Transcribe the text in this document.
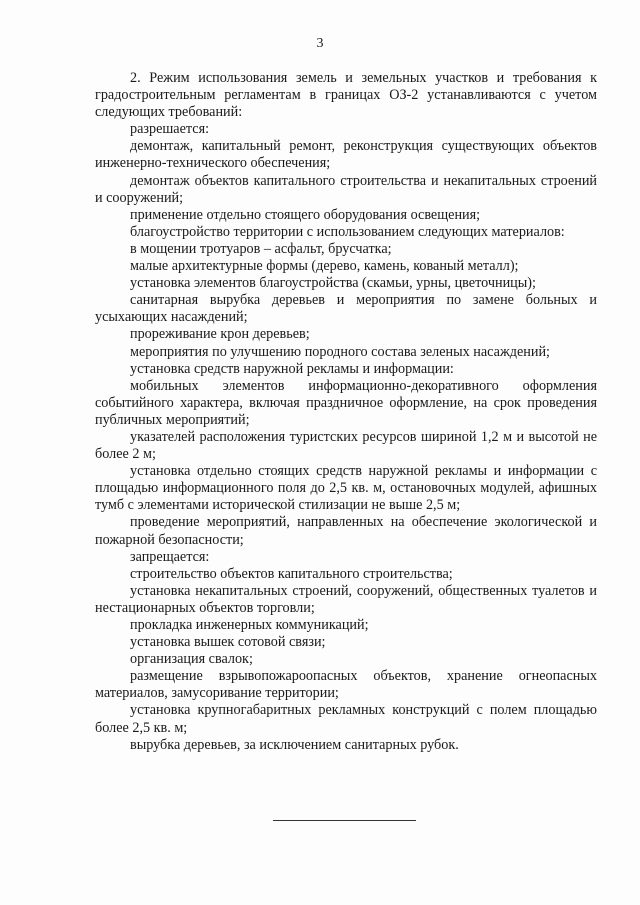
3

2. Режим использования земель и земельных участков и требования к градостроительным регламентам в границах ОЗ-2 устанавливаются с учетом следующих требований:

разрешается:

демонтаж, капитальный ремонт, реконструкция существующих объектов инженерно-технического обеспечения;

демонтаж объектов капитального строительства и некапитальных строений и сооружений;

применение отдельно стоящего оборудования освещения;

благоустройство территории с использованием следующих материалов:

в мощении тротуаров – асфальт, брусчатка;

малые архитектурные формы (дерево, камень, кованый металл);

установка элементов благоустройства (скамьи, урны, цветочницы);

санитарная вырубка деревьев и мероприятия по замене больных и усыхающих насаждений;

прореживание крон деревьев;

мероприятия по улучшению породного состава зеленых насаждений;

установка средств наружной рекламы и информации:

мобильных элементов информационно-декоративного оформления событийного характера, включая праздничное оформление, на срок проведения публичных мероприятий;

указателей расположения туристских ресурсов шириной 1,2 м и высотой не более 2 м;

установка отдельно стоящих средств наружной рекламы и информации с площадью информационного поля до 2,5 кв. м, остановочных модулей, афишных тумб с элементами исторической стилизации не выше 2,5 м;

проведение мероприятий, направленных на обеспечение экологической и пожарной безопасности;

запрещается:

строительство объектов капитального строительства;

установка некапитальных строений, сооружений, общественных туалетов и нестационарных объектов торговли;

прокладка инженерных коммуникаций;

установка вышек сотовой связи;

организация свалок;

размещение взрывопожароопасных объектов, хранение огнеопасных материалов, замусоривание территории;

установка крупногабаритных рекламных конструкций с полем площадью более 2,5 кв. м;

вырубка деревьев, за исключением санитарных рубок.
